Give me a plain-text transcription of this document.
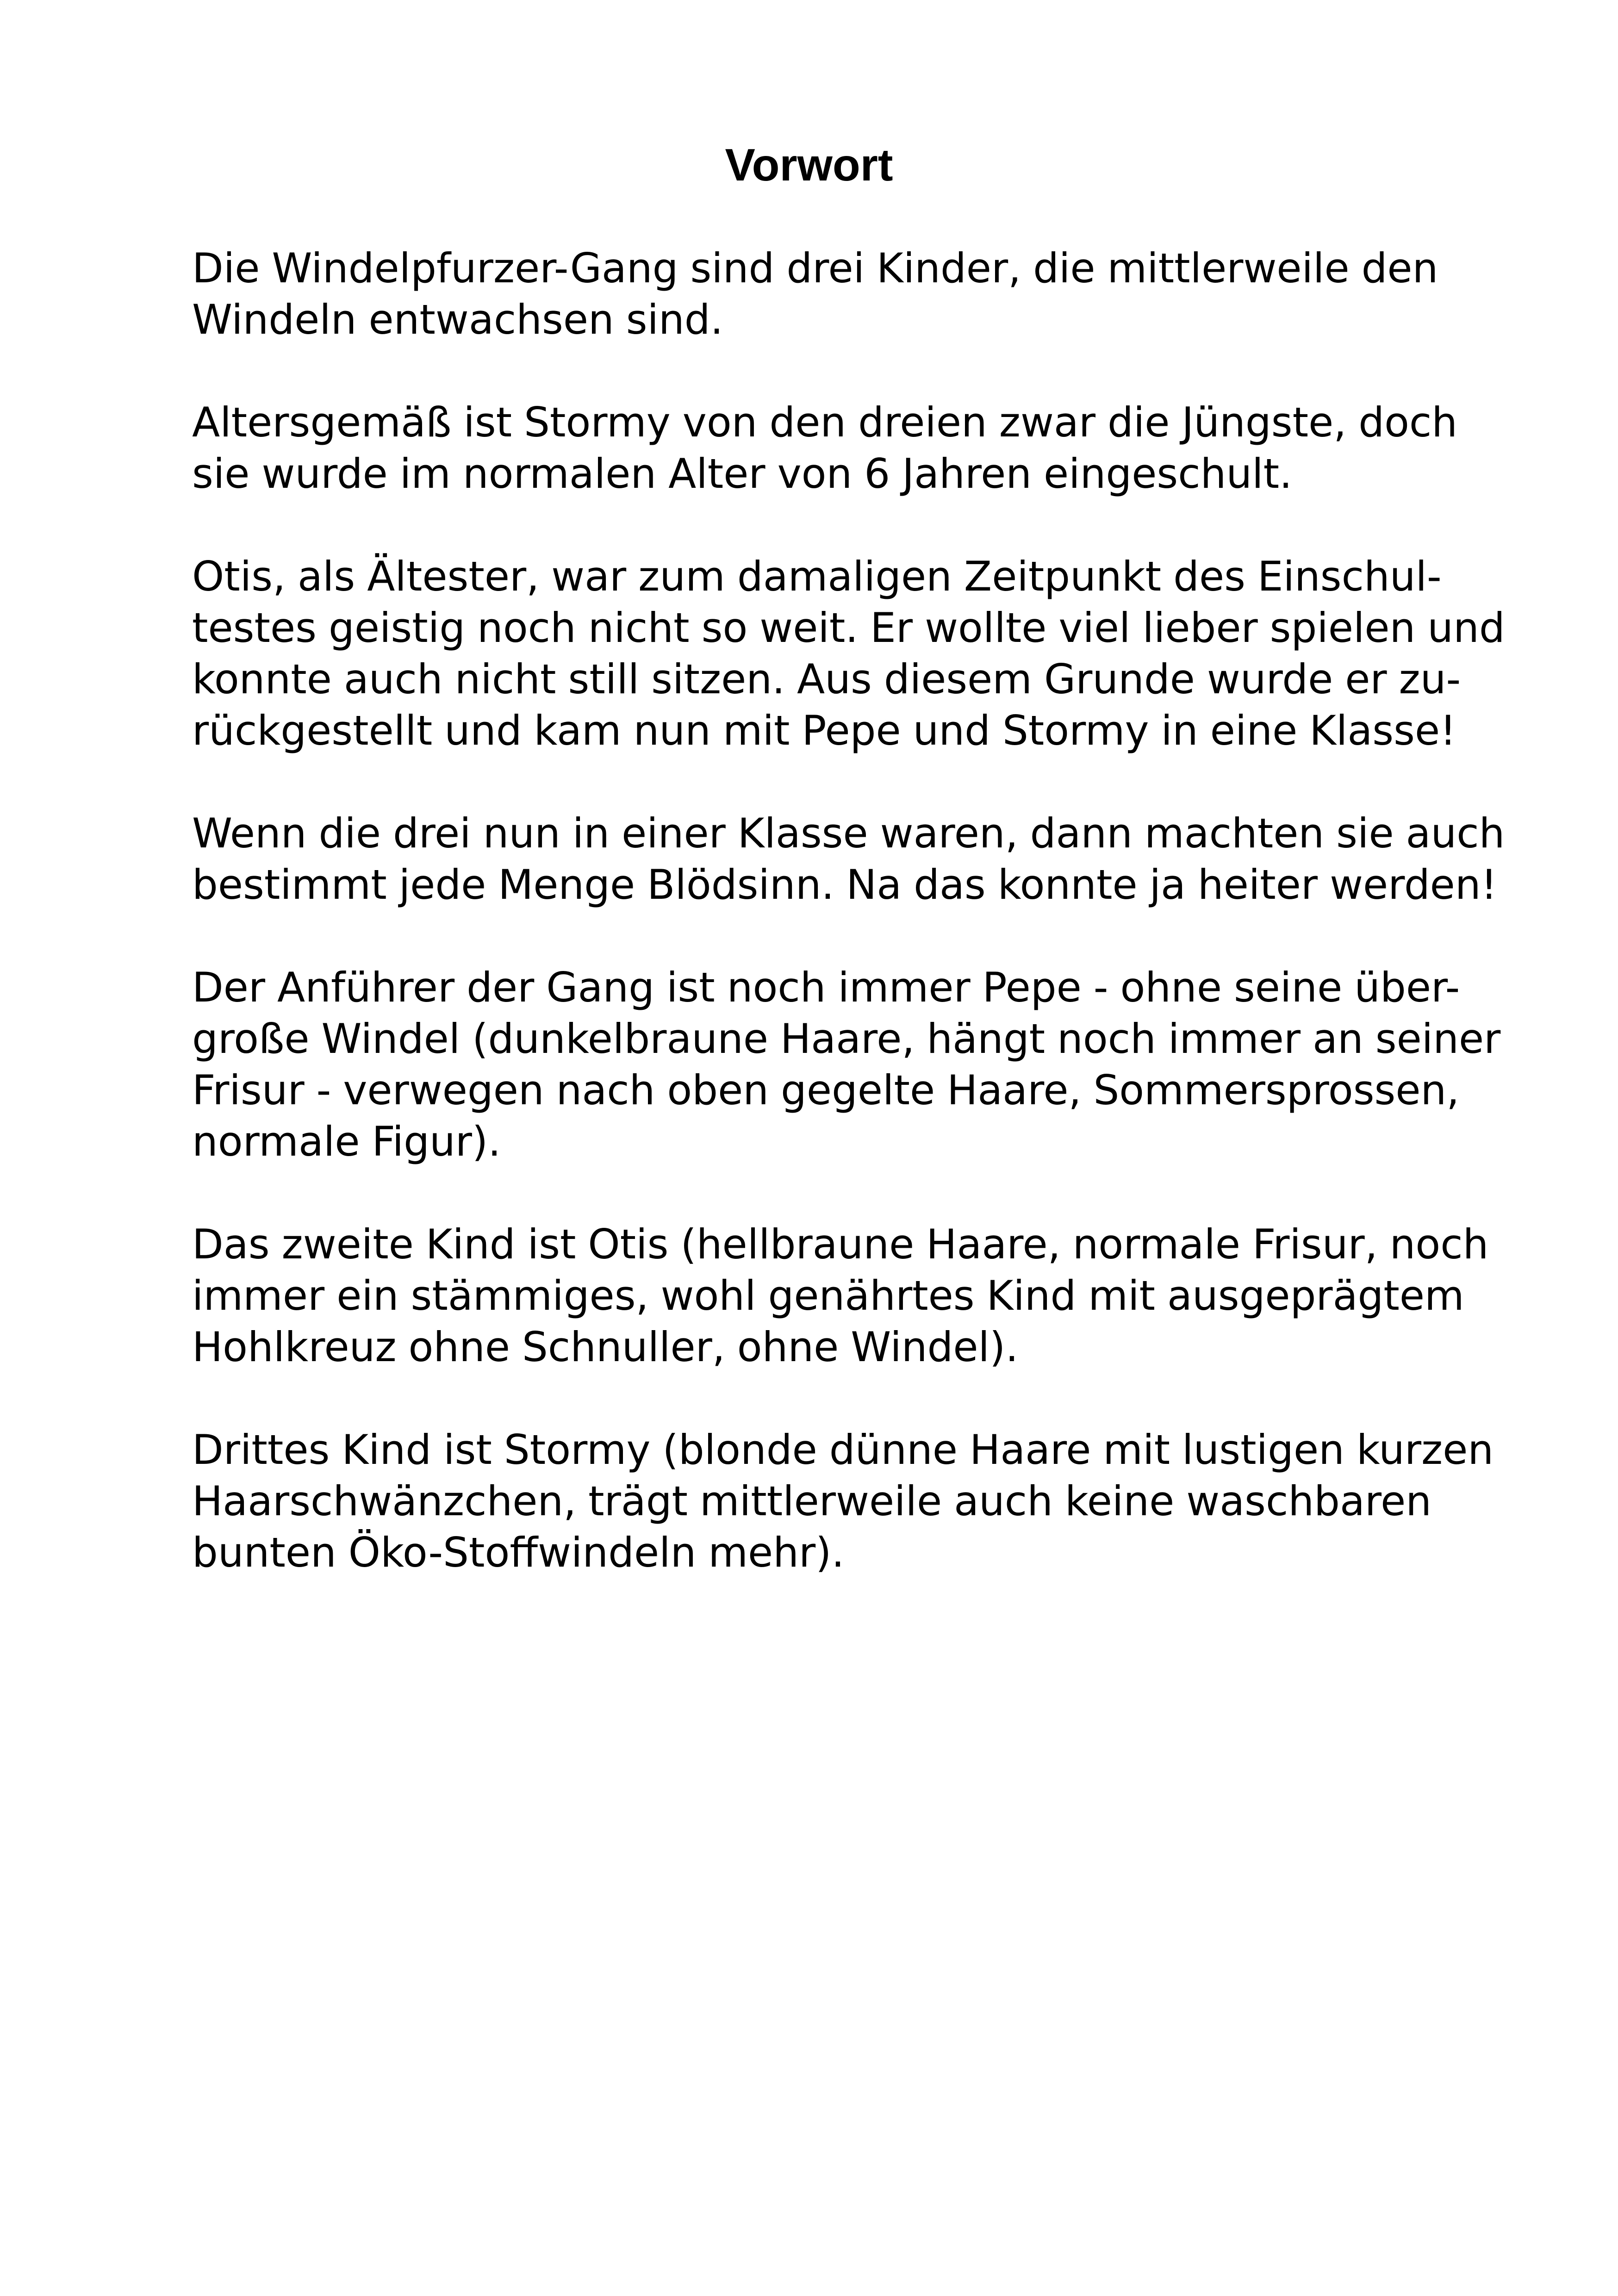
Vorwort

Die Windelpfurzer-Gang sind drei Kinder, die mittlerweile den
Windeln entwachsen sind.

Altersgemäß ist Stormy von den dreien zwar die Jüngste, doch
sie wurde im normalen Alter von 6 Jahren eingeschult.

Otis, als Ältester, war zum damaligen Zeitpunkt des Einschul-
testes geistig noch nicht so weit. Er wollte viel lieber spielen und
konnte auch nicht still sitzen. Aus diesem Grunde wurde er zu-
rückgestellt und kam nun mit Pepe und Stormy in eine Klasse!

Wenn die drei nun in einer Klasse waren, dann machten sie auch
bestimmt jede Menge Blödsinn. Na das konnte ja heiter werden!

Der Anführer der Gang ist noch immer Pepe - ohne seine über-
große Windel (dunkelbraune Haare, hängt noch immer an seiner
Frisur - verwegen nach oben gegelte Haare, Sommersprossen,
normale Figur).

Das zweite Kind ist Otis (hellbraune Haare, normale Frisur, noch
immer ein stämmiges, wohl genährtes Kind mit ausgeprägtem
Hohlkreuz ohne Schnuller, ohne Windel).

Drittes Kind ist Stormy (blonde dünne Haare mit lustigen kurzen
Haarschwänzchen, trägt mittlerweile auch keine waschbaren
bunten Öko-Stoffwindeln mehr).
